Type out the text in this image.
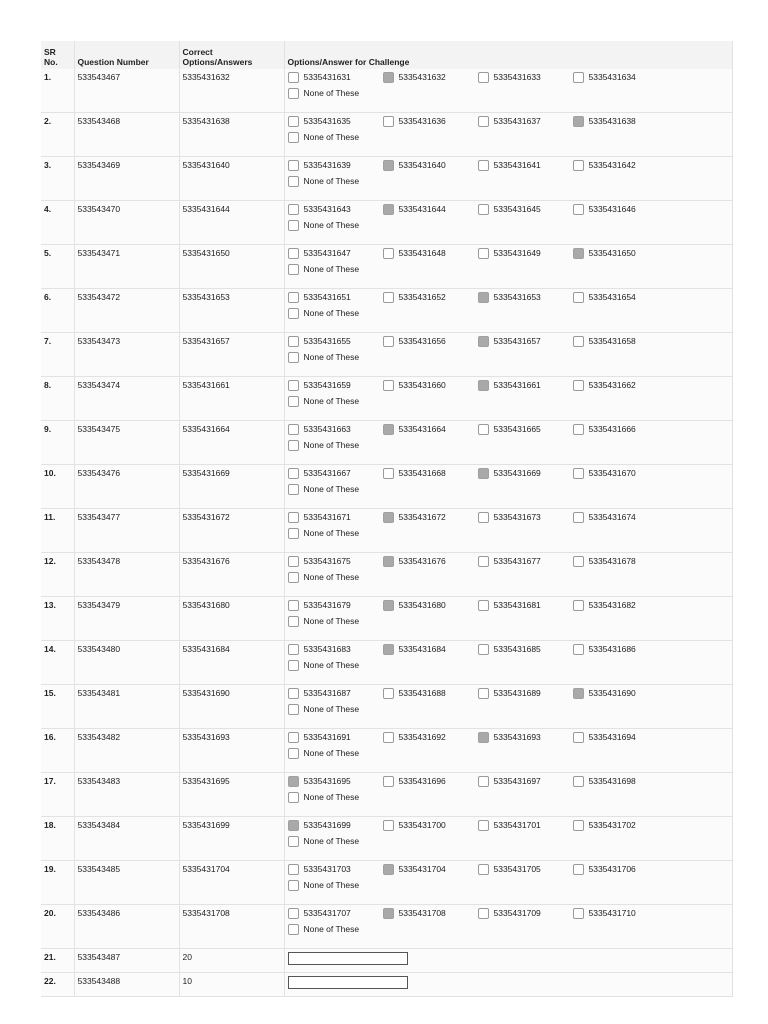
SR No.	Question Number	Correct Options/Answers	Options/Answer for Challenge
1.	533543467	5335431632	5335431631 5335431632 5335431633 5335431634
None of These

2.	533543468	5335431638	5335431635 5335431636 5335431637 5335431638
None of These

3.	533543469	5335431640	5335431639 5335431640 5335431641 5335431642
None of These

4.	533543470	5335431644	5335431643 5335431644 5335431645 5335431646
None of These

5.	533543471	5335431650	5335431647 5335431648 5335431649 5335431650
None of These

6.	533543472	5335431653	5335431651 5335431652 5335431653 5335431654
None of These

7.	533543473	5335431657	5335431655 5335431656 5335431657 5335431658
None of These

8.	533543474	5335431661	5335431659 5335431660 5335431661 5335431662
None of These

9.	533543475	5335431664	5335431663 5335431664 5335431665 5335431666
None of These

10.	533543476	5335431669	5335431667 5335431668 5335431669 5335431670
None of These

11.	533543477	5335431672	5335431671 5335431672 5335431673 5335431674
None of These

12.	533543478	5335431676	5335431675 5335431676 5335431677 5335431678
None of These

13.	533543479	5335431680	5335431679 5335431680 5335431681 5335431682
None of These

14.	533543480	5335431684	5335431683 5335431684 5335431685 5335431686
None of These

15.	533543481	5335431690	5335431687 5335431688 5335431689 5335431690
None of These

16.	533543482	5335431693	5335431691 5335431692 5335431693 5335431694
None of These

17.	533543483	5335431695	5335431695 5335431696 5335431697 5335431698
None of These

18.	533543484	5335431699	5335431699 5335431700 5335431701 5335431702
None of These

19.	533543485	5335431704	5335431703 5335431704 5335431705 5335431706
None of These

20.	533543486	5335431708	5335431707 5335431708 5335431709 5335431710
None of These

21.	533543487	20	

22.	533543488	10	
